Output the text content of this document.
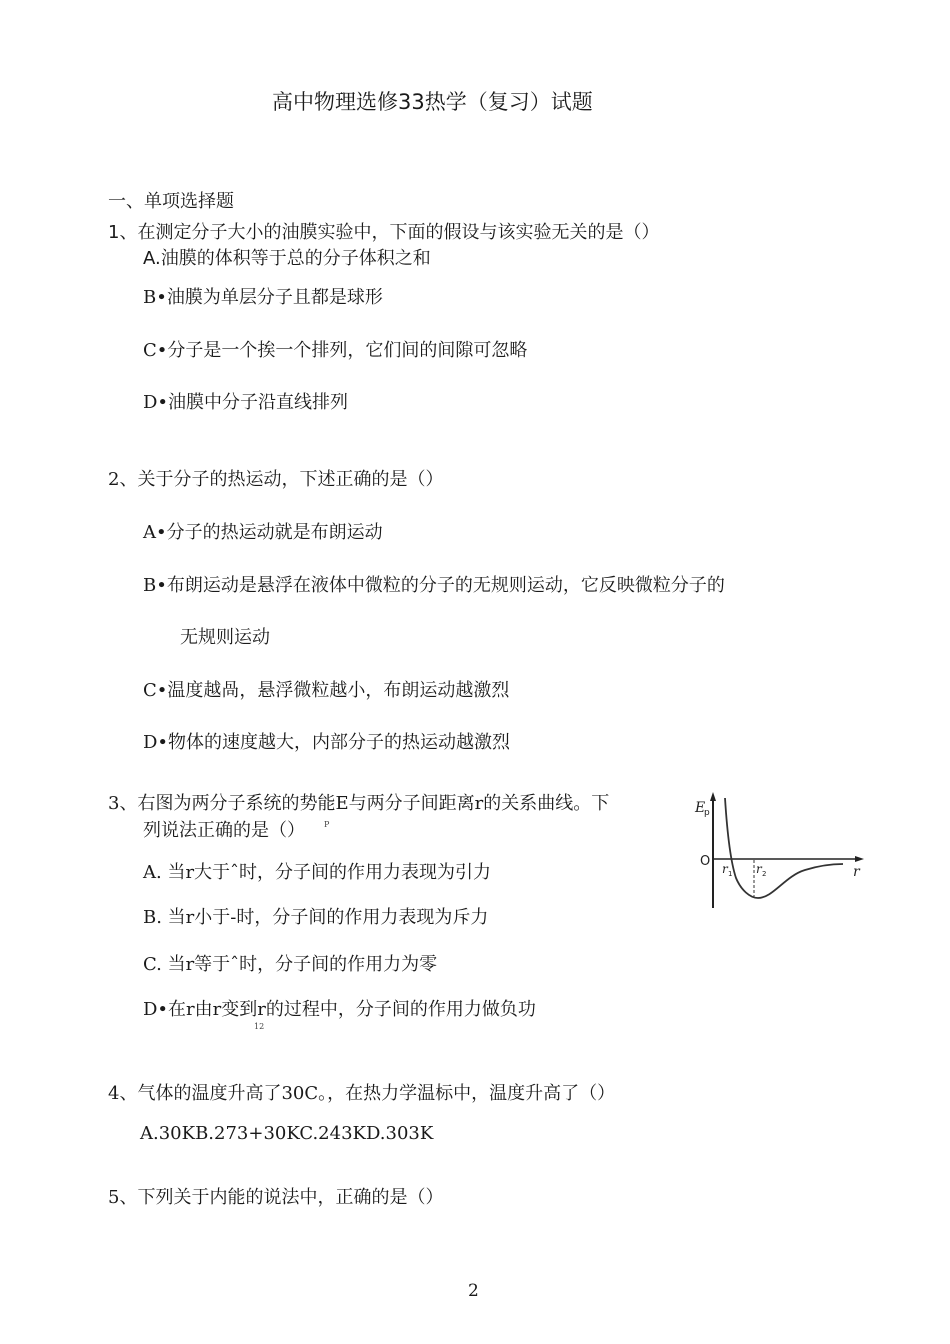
高中物理选修33热学（复习）试题
一、单项选择题
1、在测定分子大小的油膜实验中，下面的假设与该实验无关的是（）
A.油膜的体积等于总的分子体积之和
B•油膜为单层分子且都是球形
C•分子是一个挨一个排列，它们间的间隙可忽略
D•油膜中分子沿直线排列
2、关于分子的热运动，下述正确的是（）
A•分子的热运动就是布朗运动
B•布朗运动是悬浮在液体中微粒的分子的无规则运动，它反映微粒分子的
无规则运动
C•温度越咼，悬浮微粒越小，布朗运动越激烈
D•物体的速度越大，内部分子的热运动越激烈
3、右图为两分子系统的势能E与两分子间距离r的关系曲线。下
列说法正确的是（） P
A. 当r大于ˆ时，分子间的作用力表现为引力
B. 当r小于-时，分子间的作用力表现为斥力
C. 当r等于ˆ时，分子间的作用力为零
D•在r由r变到r的过程中，分子间的作用力做负功
12
E
p
O
r
r 1 r 2
4、气体的温度升高了30C。，在热力学温标中，温度升高了（）
A.30KB.273+30KC.243KD.303K
5、下列关于内能的说法中，正确的是（）
2
